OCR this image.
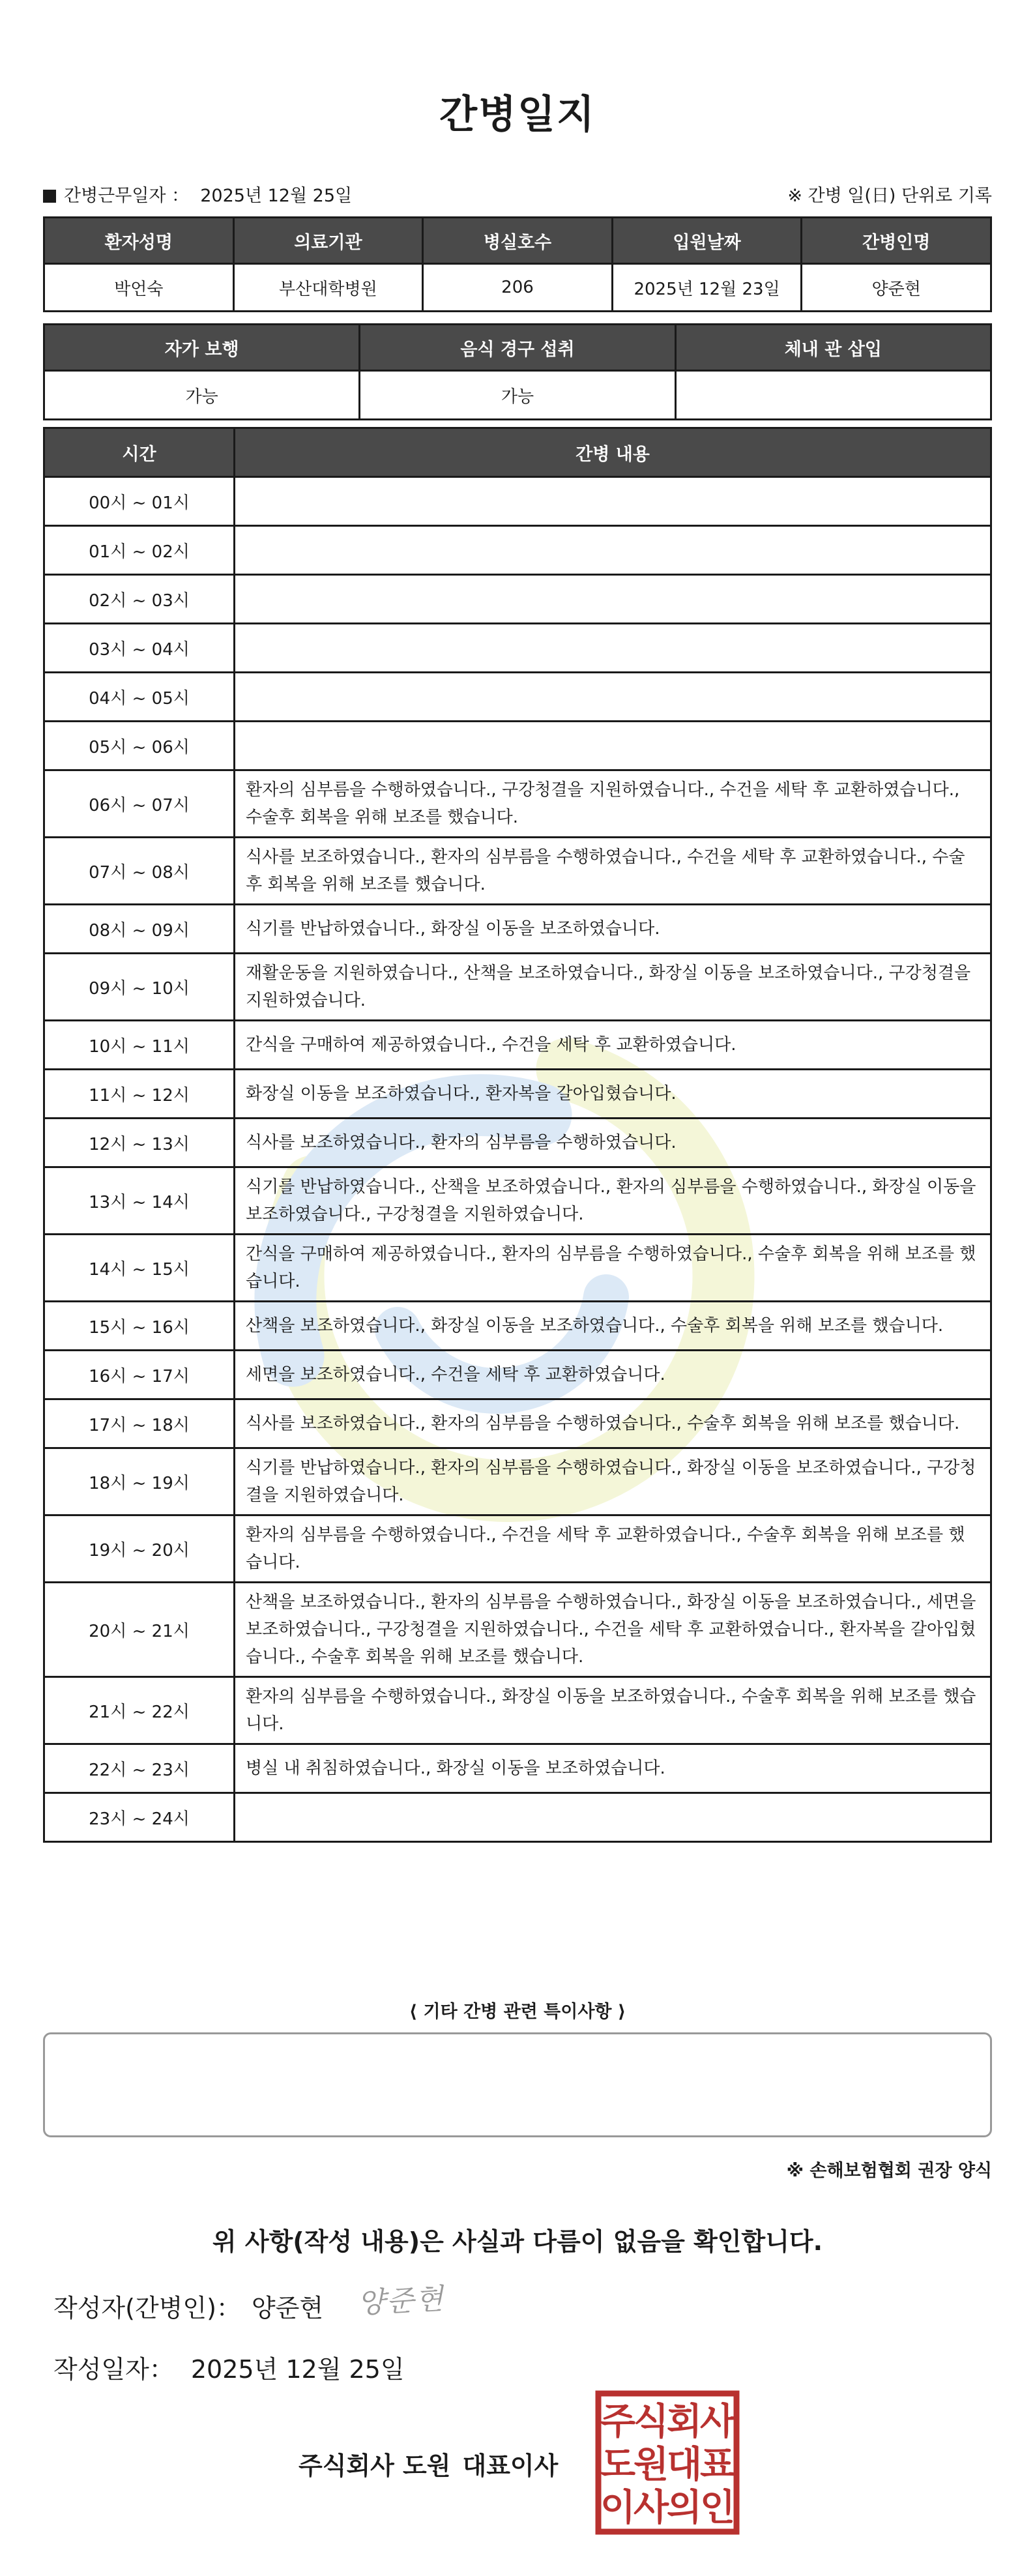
간병일지
간병근무일자 ： 2025년 12월 25일	※ 간병 일(日) 단위로 기록
환자성명	의료기관	병실호수	입원날짜	간병인명
박언숙	부산대학병원	206	2025년 12월 23일	양준현
자가 보행	음식 경구 섭취	체내 관 삽입
가능	가능	
시간	간병 내용
00시 ~ 01시	
01시 ~ 02시	
02시 ~ 03시	
03시 ~ 04시	
04시 ~ 05시	
05시 ~ 06시	
06시 ~ 07시	환자의 심부름을 수행하였습니다., 구강청결을 지원하였습니다., 수건을 세탁 후 교환하였습니다., 수술후 회복을 위해 보조를 했습니다.
07시 ~ 08시	식사를 보조하였습니다., 환자의 심부름을 수행하였습니다., 수건을 세탁 후 교환하였습니다., 수술후 회복을 위해 보조를 했습니다.
08시 ~ 09시	식기를 반납하였습니다., 화장실 이동을 보조하였습니다.
09시 ~ 10시	재활운동을 지원하였습니다., 산책을 보조하였습니다., 화장실 이동을 보조하였습니다., 구강청결을 지원하였습니다.
10시 ~ 11시	간식을 구매하여 제공하였습니다., 수건을 세탁 후 교환하였습니다.
11시 ~ 12시	화장실 이동을 보조하였습니다., 환자복을 갈아입혔습니다.
12시 ~ 13시	식사를 보조하였습니다., 환자의 심부름을 수행하였습니다.
13시 ~ 14시	식기를 반납하였습니다., 산책을 보조하였습니다., 환자의 심부름을 수행하였습니다., 화장실 이동을 보조하였습니다., 구강청결을 지원하였습니다.
14시 ~ 15시	간식을 구매하여 제공하였습니다., 환자의 심부름을 수행하였습니다., 수술후 회복을 위해 보조를 했습니다.
15시 ~ 16시	산책을 보조하였습니다., 화장실 이동을 보조하였습니다., 수술후 회복을 위해 보조를 했습니다.
16시 ~ 17시	세면을 보조하였습니다., 수건을 세탁 후 교환하였습니다.
17시 ~ 18시	식사를 보조하였습니다., 환자의 심부름을 수행하였습니다., 수술후 회복을 위해 보조를 했습니다.
18시 ~ 19시	식기를 반납하였습니다., 환자의 심부름을 수행하였습니다., 화장실 이동을 보조하였습니다., 구강청결을 지원하였습니다.
19시 ~ 20시	환자의 심부름을 수행하였습니다., 수건을 세탁 후 교환하였습니다., 수술후 회복을 위해 보조를 했습니다.
20시 ~ 21시	산책을 보조하였습니다., 환자의 심부름을 수행하였습니다., 화장실 이동을 보조하였습니다., 세면을 보조하였습니다., 구강청결을 지원하였습니다., 수건을 세탁 후 교환하였습니다., 환자복을 갈아입혔습니다., 수술후 회복을 위해 보조를 했습니다.
21시 ~ 22시	환자의 심부름을 수행하였습니다., 화장실 이동을 보조하였습니다., 수술후 회복을 위해 보조를 했습니다.
22시 ~ 23시	병실 내 취침하였습니다., 화장실 이동을 보조하였습니다.
23시 ~ 24시	
⟨ 기타 간병 관련 특이사항 ⟩
※ 손해보험협회 권장 양식
위 사항(작성 내용)은 사실과 다름이 없음을 확인합니다.
작성자(간병인)： 양준현 양준현
작성일자： 2025년 12월 25일
주식회사 도원 대표이사
주
식
회
사
도
원
대
표
이
사
의
인
